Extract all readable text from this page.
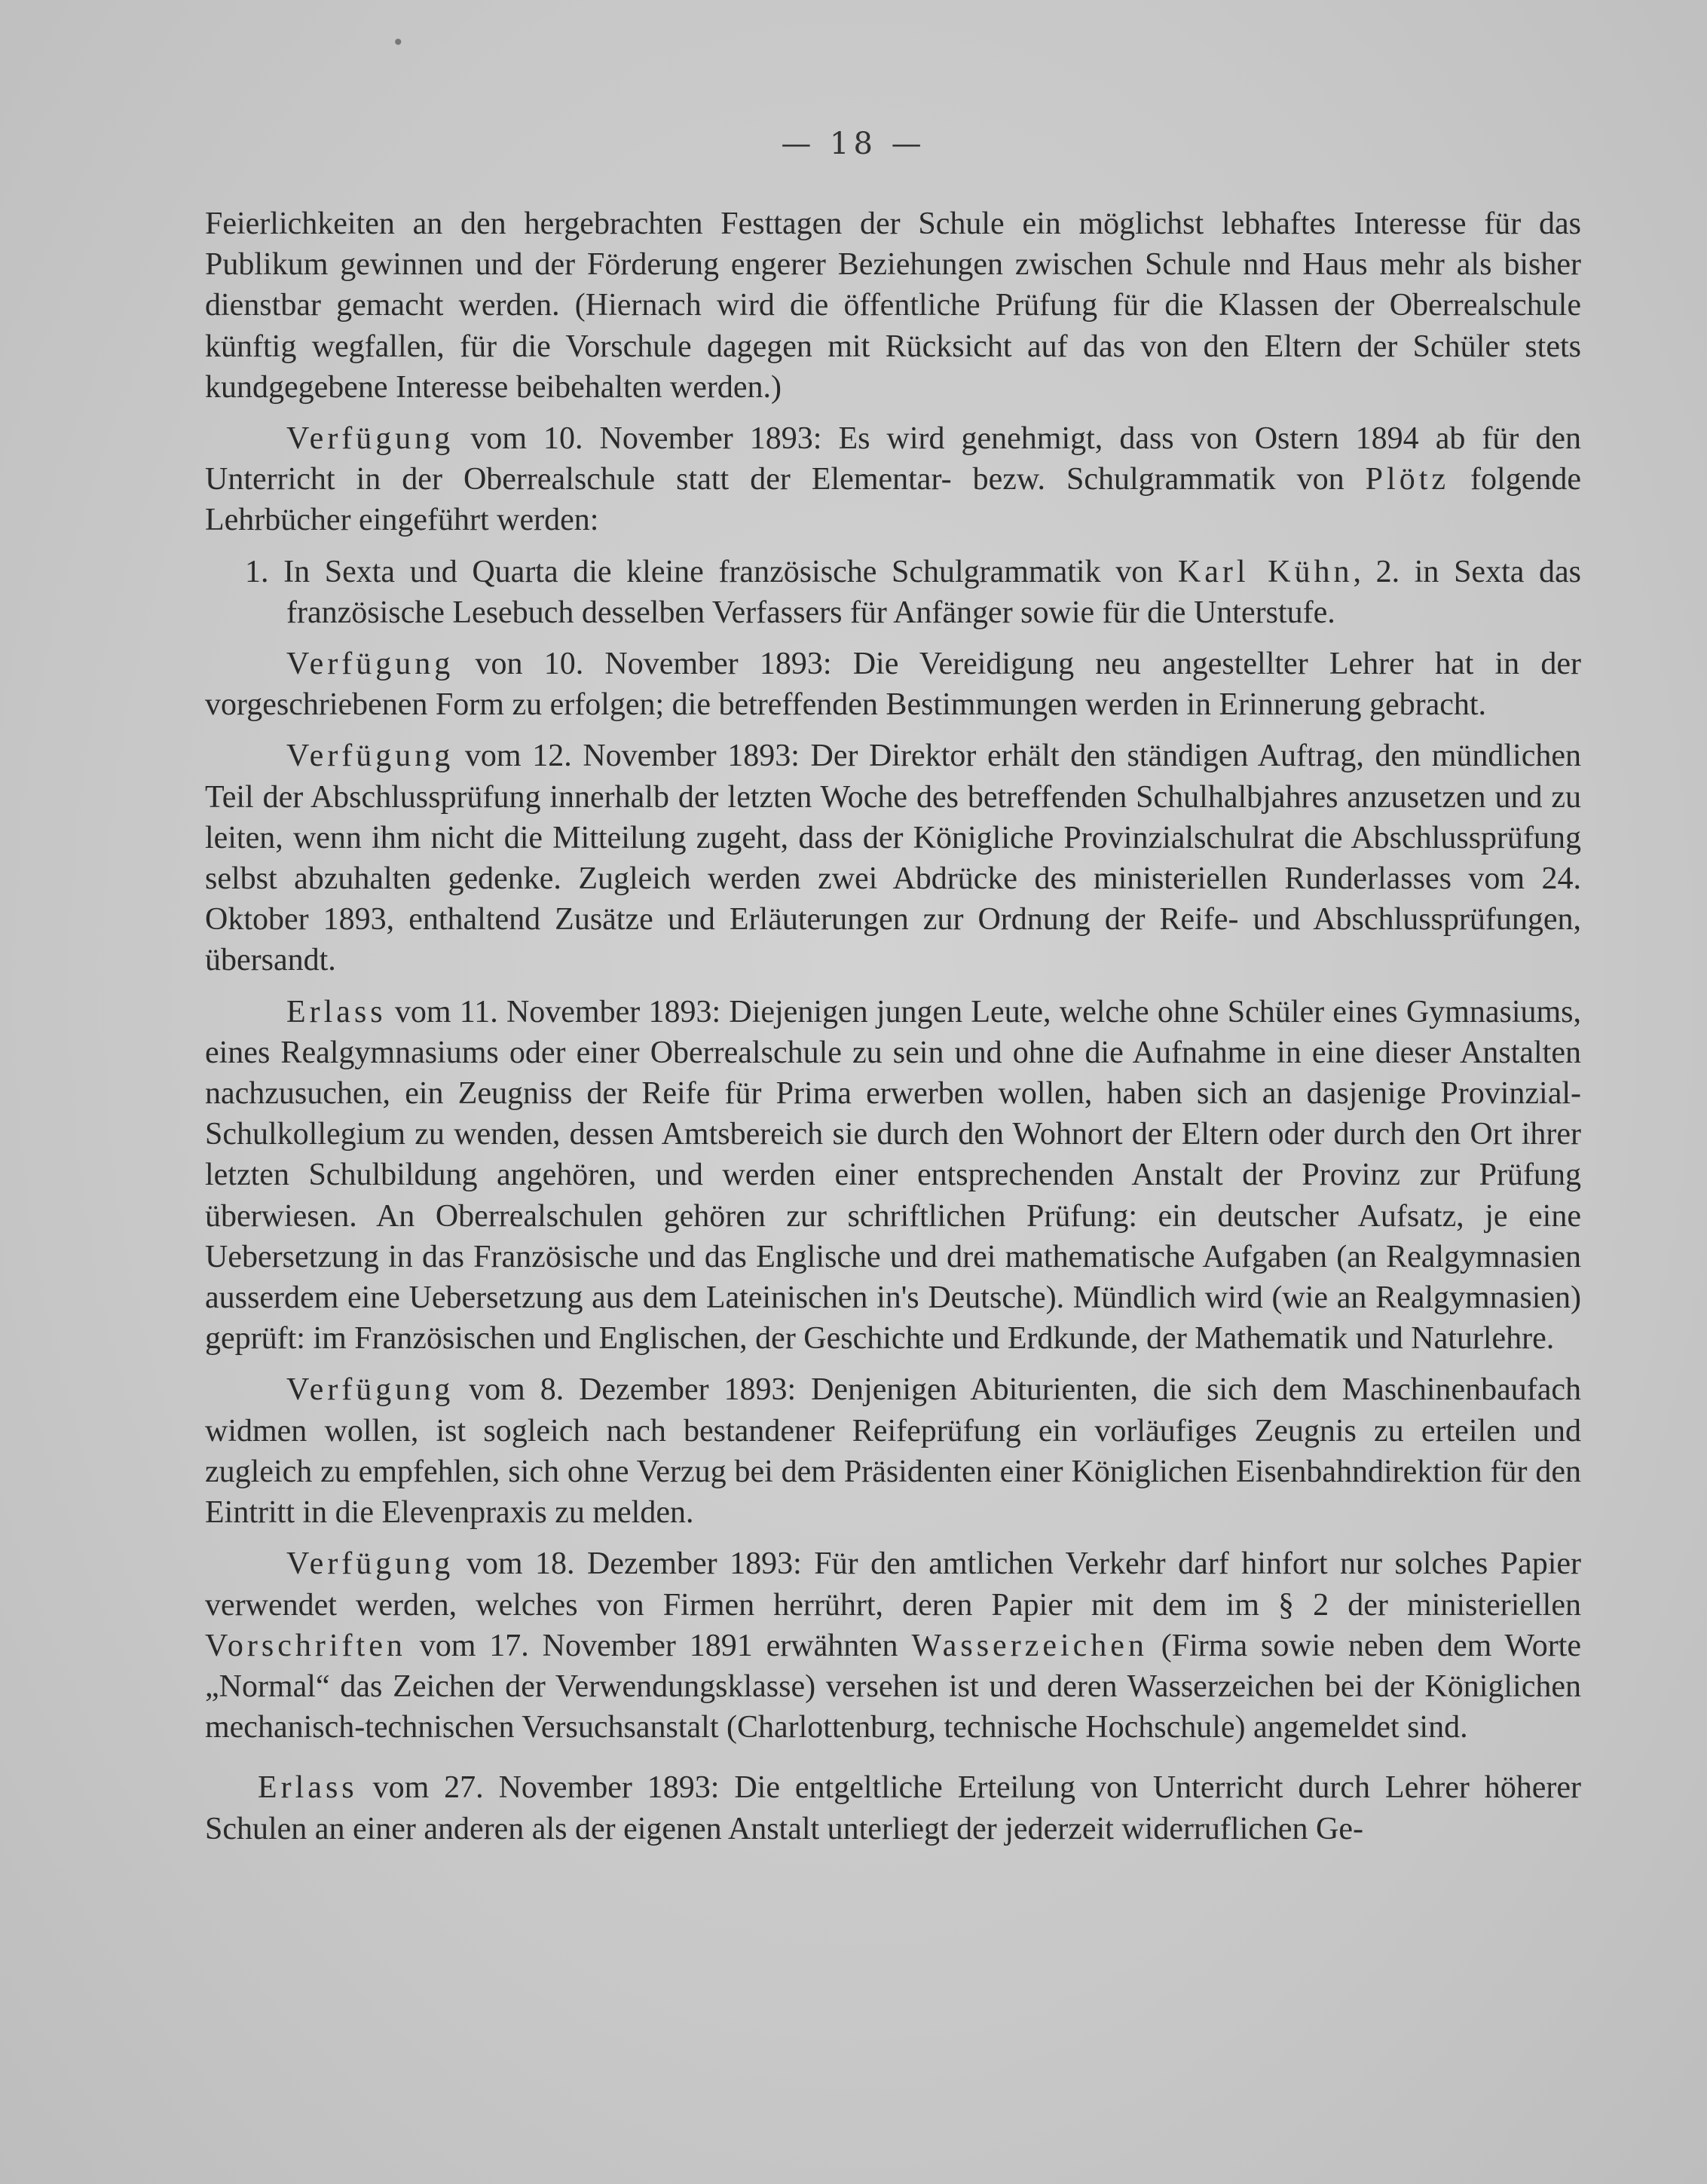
•
— 18 —

Feierlichkeiten an den hergebrachten Festtagen der Schule ein möglichst lebhaftes Interesse für das Publikum gewinnen und der Förderung engerer Beziehungen zwischen Schule nnd Haus mehr als bisher dienstbar gemacht werden. (Hiernach wird die öffentliche Prüfung für die Klassen der Oberrealschule künftig wegfallen, für die Vorschule dagegen mit Rücksicht auf das von den Eltern der Schüler stets kundgegebene Interesse beibehalten werden.)

Verfügung vom 10. November 1893: Es wird genehmigt, dass von Ostern 1894 ab für den Unterricht in der Oberrealschule statt der Elementar- bezw. Schulgrammatik von Plötz folgende Lehrbücher eingeführt werden:

1. In Sexta und Quarta die kleine französische Schulgrammatik von Karl Kühn, 2. in Sexta das französische Lesebuch desselben Verfassers für Anfänger sowie für die Unterstufe.

Verfügung von 10. November 1893: Die Vereidigung neu angestellter Lehrer hat in der vorgeschriebenen Form zu erfolgen; die betreffenden Bestimmungen werden in Erinnerung gebracht.

Verfügung vom 12. November 1893: Der Direktor erhält den ständigen Auftrag, den mündlichen Teil der Abschlussprüfung innerhalb der letzten Woche des betreffenden Schulhalbjahres anzusetzen und zu leiten, wenn ihm nicht die Mitteilung zugeht, dass der Königliche Provinzialschulrat die Abschlussprüfung selbst abzuhalten gedenke. Zugleich werden zwei Abdrücke des ministeriellen Runderlasses vom 24. Oktober 1893, enthaltend Zusätze und Erläuterungen zur Ordnung der Reife- und Abschlussprüfungen, übersandt.

Erlass vom 11. November 1893: Diejenigen jungen Leute, welche ohne Schüler eines Gymnasiums, eines Realgymnasiums oder einer Oberrealschule zu sein und ohne die Aufnahme in eine dieser Anstalten nachzusuchen, ein Zeugniss der Reife für Prima erwerben wollen, haben sich an dasjenige Provinzial-Schulkollegium zu wenden, dessen Amtsbereich sie durch den Wohnort der Eltern oder durch den Ort ihrer letzten Schulbildung angehören, und werden einer entsprechenden Anstalt der Provinz zur Prüfung überwiesen. An Oberrealschulen gehören zur schriftlichen Prüfung: ein deutscher Aufsatz, je eine Uebersetzung in das Französische und das Englische und drei mathematische Aufgaben (an Realgymnasien ausserdem eine Uebersetzung aus dem Lateinischen in's Deutsche). Mündlich wird (wie an Realgymnasien) geprüft: im Französischen und Englischen, der Geschichte und Erdkunde, der Mathematik und Naturlehre.

Verfügung vom 8. Dezember 1893: Denjenigen Abiturienten, die sich dem Maschinenbaufach widmen wollen, ist sogleich nach bestandener Reifeprüfung ein vorläufiges Zeugnis zu erteilen und zugleich zu empfehlen, sich ohne Verzug bei dem Präsidenten einer Königlichen Eisenbahndirektion für den Eintritt in die Elevenpraxis zu melden.

Verfügung vom 18. Dezember 1893: Für den amtlichen Verkehr darf hinfort nur solches Papier verwendet werden, welches von Firmen herrührt, deren Papier mit dem im § 2 der ministeriellen Vorschriften vom 17. November 1891 erwähnten Wasserzeichen (Firma sowie neben dem Worte „Normal“ das Zeichen der Verwendungsklasse) versehen ist und deren Wasserzeichen bei der Königlichen mechanisch-technischen Versuchsanstalt (Charlottenburg, technische Hochschule) angemeldet sind.

Erlass vom 27. November 1893: Die entgeltliche Erteilung von Unterricht durch Lehrer höherer Schulen an einer anderen als der eigenen Anstalt unterliegt der jederzeit widerruflichen Ge-
